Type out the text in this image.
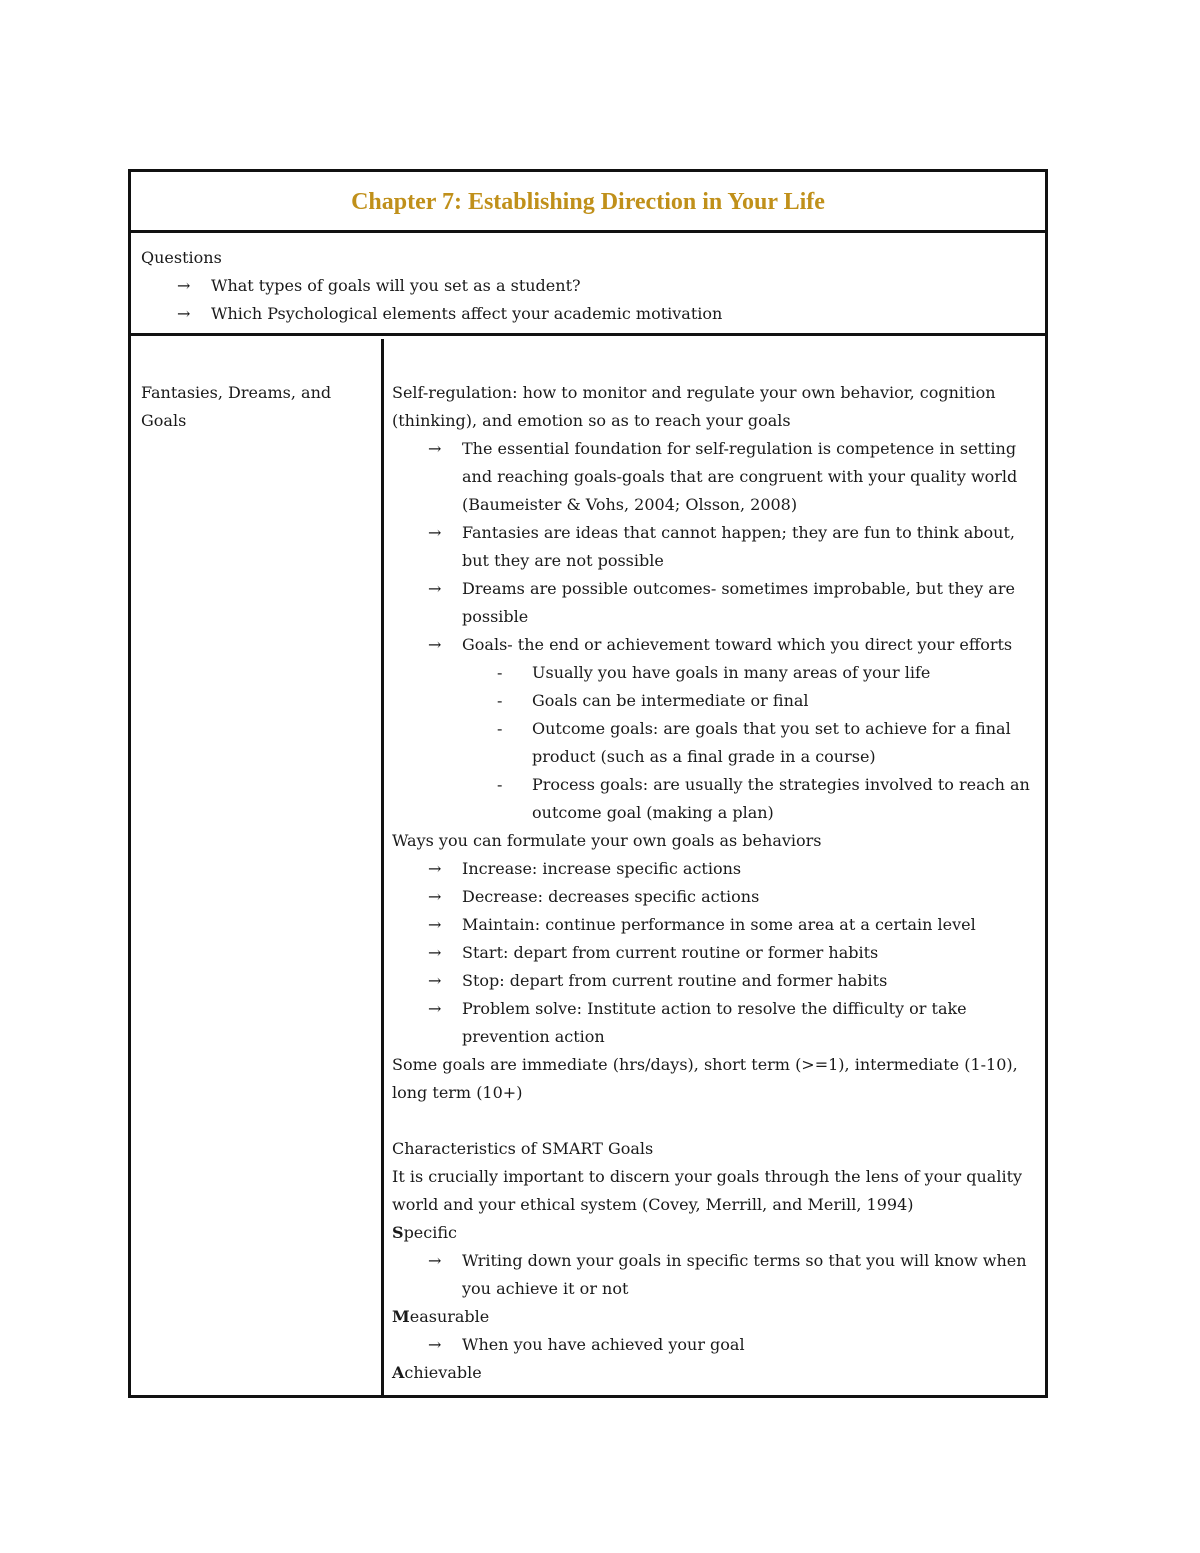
Chapter 7: Establishing Direction in Your Life

Questions

→ What types of goals will you set as a student?

→ Which Psychological elements affect your academic motivation

Fantasies, Dreams, and Goals

Self-regulation: how to monitor and regulate your own behavior, cognition (thinking), and emotion so as to reach your goals

→ The essential foundation for self-regulation is competence in setting and reaching goals-goals that are congruent with your quality world (Baumeister & Vohs, 2004; Olsson, 2008)

→ Fantasies are ideas that cannot happen; they are fun to think about, but they are not possible

→ Dreams are possible outcomes- sometimes improbable, but they are possible

→ Goals- the end or achievement toward which you direct your efforts

- Usually you have goals in many areas of your life

- Goals can be intermediate or final

- Outcome goals: are goals that you set to achieve for a final product (such as a final grade in a course)

- Process goals: are usually the strategies involved to reach an outcome goal (making a plan)

Ways you can formulate your own goals as behaviors

→ Increase: increase specific actions

→ Decrease: decreases specific actions

→ Maintain: continue performance in some area at a certain level

→ Start: depart from current routine or former habits

→ Stop: depart from current routine and former habits

→ Problem solve: Institute action to resolve the difficulty or take prevention action

Some goals are immediate (hrs/days), short term (>=1), intermediate (1-10), long term (10+)

Characteristics of SMART Goals

It is crucially important to discern your goals through the lens of your quality world and your ethical system (Covey, Merrill, and Merill, 1994)

Specific

→ Writing down your goals in specific terms so that you will know when you achieve it or not

Measurable

→ When you have achieved your goal

Achievable
